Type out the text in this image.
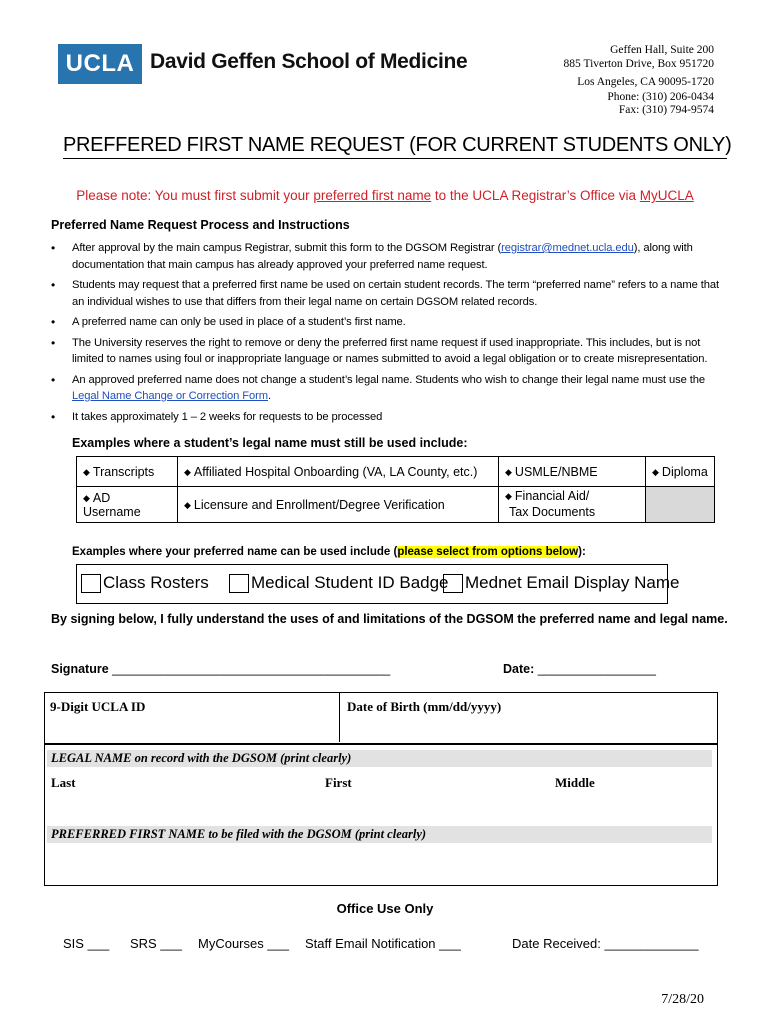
UCLA David Geffen School of Medicine	Geffen Hall, Suite 200
885 Tiverton Drive, Box 951720
Los Angeles, CA 90095-1720
Phone: (310) 206-0434
Fax: (310) 794-9574
PREFFERED FIRST NAME REQUEST (FOR CURRENT STUDENTS ONLY)
Please note: You must first submit your preferred first name to the UCLA Registrar’s Office via MyUCLA
Preferred Name Request Process and Instructions
• After approval by the main campus Registrar, submit this form to the DGSOM Registrar (registrar@mednet.ucla.edu), along with documentation that main campus has already approved your preferred name request.
• Students may request that a preferred first name be used on certain student records. The term “preferred name” refers to a name that an individual wishes to use that differs from their legal name on certain DGSOM related records.
• A preferred name can only be used in place of a student’s first name.
• The University reserves the right to remove or deny the preferred first name request if used inappropriate. This includes, but is not limited to names using foul or inappropriate language or names submitted to avoid a legal obligation or to create misrepresentation.
• An approved preferred name does not change a student’s legal name. Students who wish to change their legal name must use the Legal Name Change or Correction Form.
• It takes approximately 1 – 2 weeks for requests to be processed
Examples where a student’s legal name must still be used include:
◆ Transcripts	◆ Affiliated Hospital Onboarding (VA, LA County, etc.)	◆ USMLE/NBME	◆ Diploma
◆ AD Username	◆ Licensure and Enrollment/Degree Verification	◆ Financial Aid/
Tax Documents	
Examples where your preferred name can be used include (please select from options below):
Class Rosters Medical Student ID Badge Mednet Email Display Name
By signing below, I fully understand the uses of and limitations of the DGSOM the preferred name and legal name.
Signature ________________________________________	Date: _________________
9-Digit UCLA ID	Date of Birth (mm/dd/yyyy)
LEGAL NAME on record with the DGSOM (print clearly)
Last	First	Middle
PREFERRED FIRST NAME to be filed with the DGSOM (print clearly)
Office Use Only
SIS ___ SRS ___ MyCourses ___ Staff Email Notification ___	Date Received: _____________
7/28/20
